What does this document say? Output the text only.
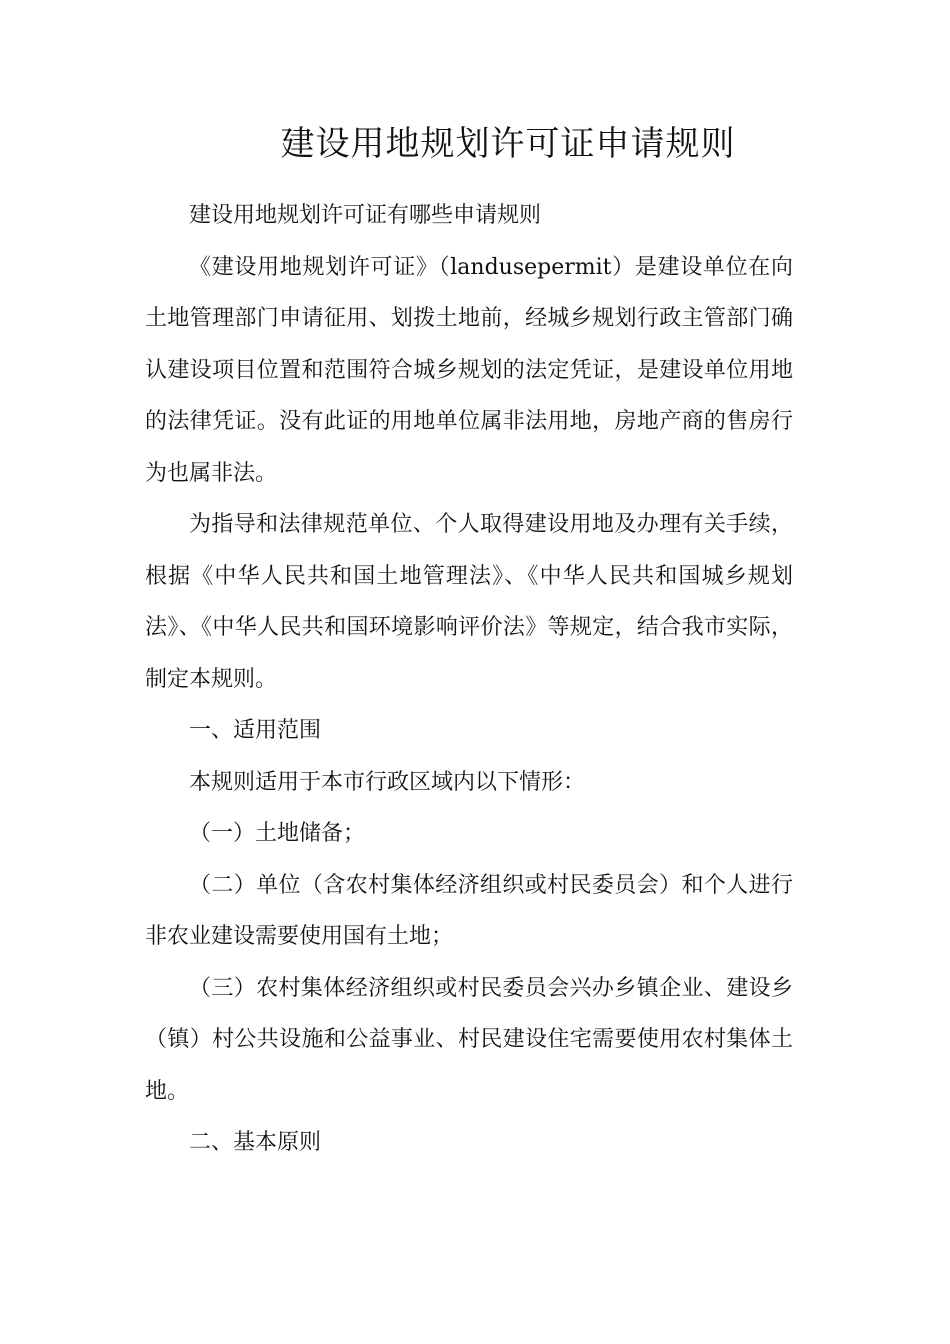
建设用地规划许可证申请规则

建设用地规划许可证有哪些申请规则

《建设用地规划许可证》（landusepermit）是建设单位在向土地管理部门申请征用、划拨土地前，经城乡规划行政主管部门确认建设项目位置和范围符合城乡规划的法定凭证，是建设单位用地的法律凭证。没有此证的用地单位属非法用地，房地产商的售房行为也属非法。

为指导和法律规范单位、个人取得建设用地及办理有关手续，根据《中华人民共和国土地管理法》、《中华人民共和国城乡规划法》、《中华人民共和国环境影响评价法》等规定，结合我市实际，制定本规则。

一、适用范围

本规则适用于本市行政区域内以下情形：

（一）土地储备；

（二）单位（含农村集体经济组织或村民委员会）和个人进行非农业建设需要使用国有土地；

（三）农村集体经济组织或村民委员会兴办乡镇企业、建设乡（镇）村公共设施和公益事业、村民建设住宅需要使用农村集体土地。

二、基本原则
